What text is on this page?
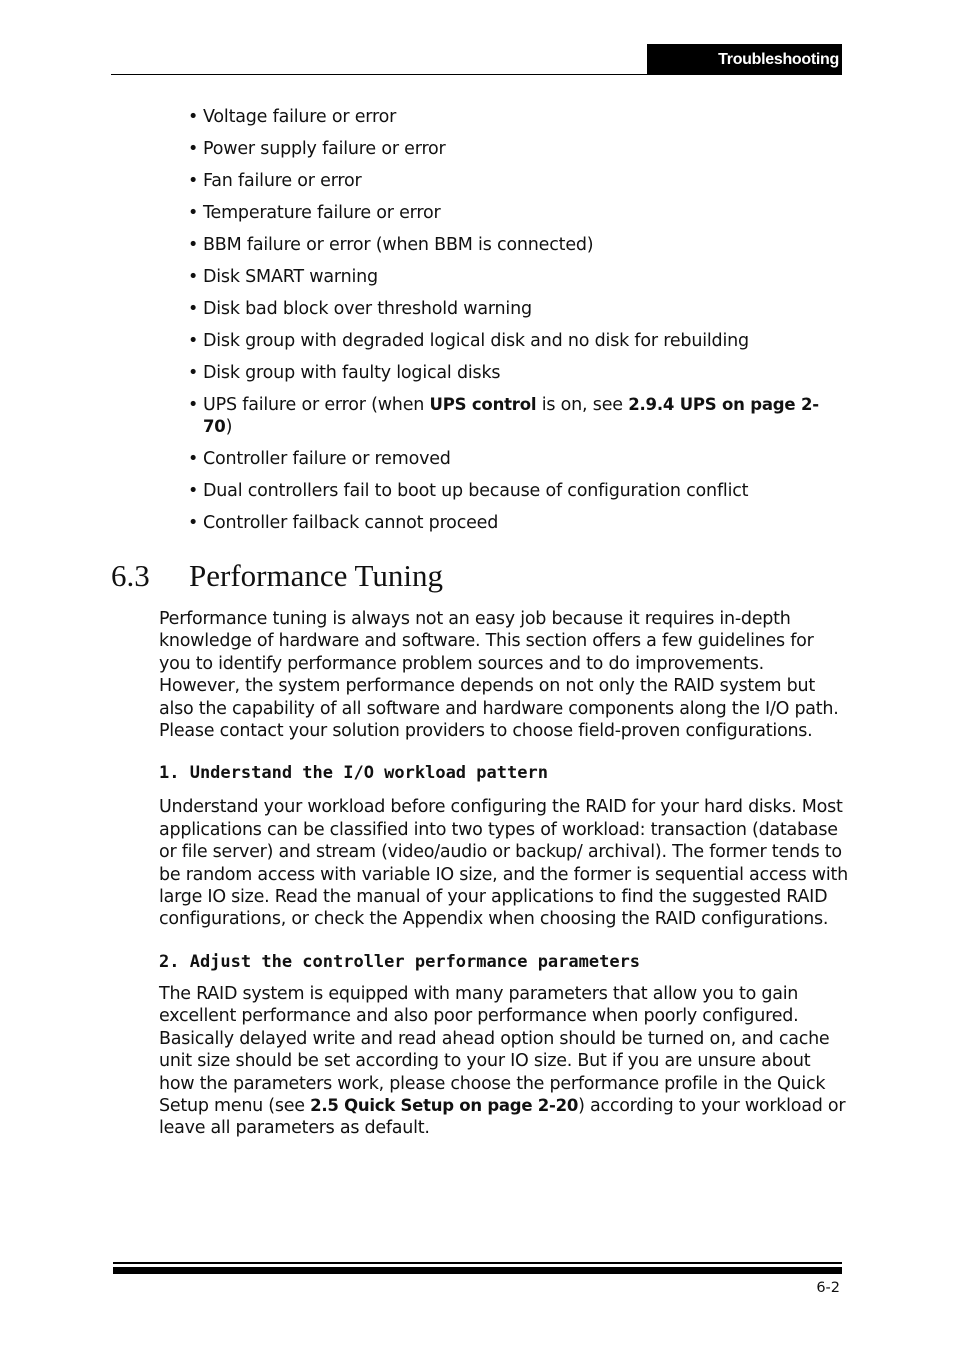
Troubleshooting
• Voltage failure or error
• Power supply failure or error
• Fan failure or error
• Temperature failure or error
• BBM failure or error (when BBM is connected)
• Disk SMART warning
• Disk bad block over threshold warning
• Disk group with degraded logical disk and no disk for rebuilding
• Disk group with faulty logical disks
• UPS failure or error (when UPS control is on, see 2.9.4 UPS on page 2-70)
• Controller failure or removed
• Dual controllers fail to boot up because of configuration conflict
• Controller failback cannot proceed
6.3 Performance Tuning

Performance tuning is always not an easy job because it requires in-depth knowledge of hardware and software. This section offers a few guidelines for you to identify performance problem sources and to do improvements. However, the system performance depends on not only the RAID system but also the capability of all software and hardware components along the I/O path. Please contact your solution providers to choose field-proven configurations.

1. Understand the I/O workload pattern

Understand your workload before configuring the RAID for your hard disks. Most applications can be classified into two types of workload: transaction (database or file server) and stream (video/audio or backup/ archival). The former tends to be random access with variable IO size, and the former is sequential access with large IO size. Read the manual of your applications to find the suggested RAID configurations, or check the Appendix when choosing the RAID configurations.

2. Adjust the controller performance parameters

The RAID system is equipped with many parameters that allow you to gain excellent performance and also poor performance when poorly configured. Basically delayed write and read ahead option should be turned on, and cache unit size should be set according to your IO size. But if you are unsure about how the parameters work, please choose the performance profile in the Quick Setup menu (see 2.5 Quick Setup on page 2-20) according to your workload or leave all parameters as default.

6-2
